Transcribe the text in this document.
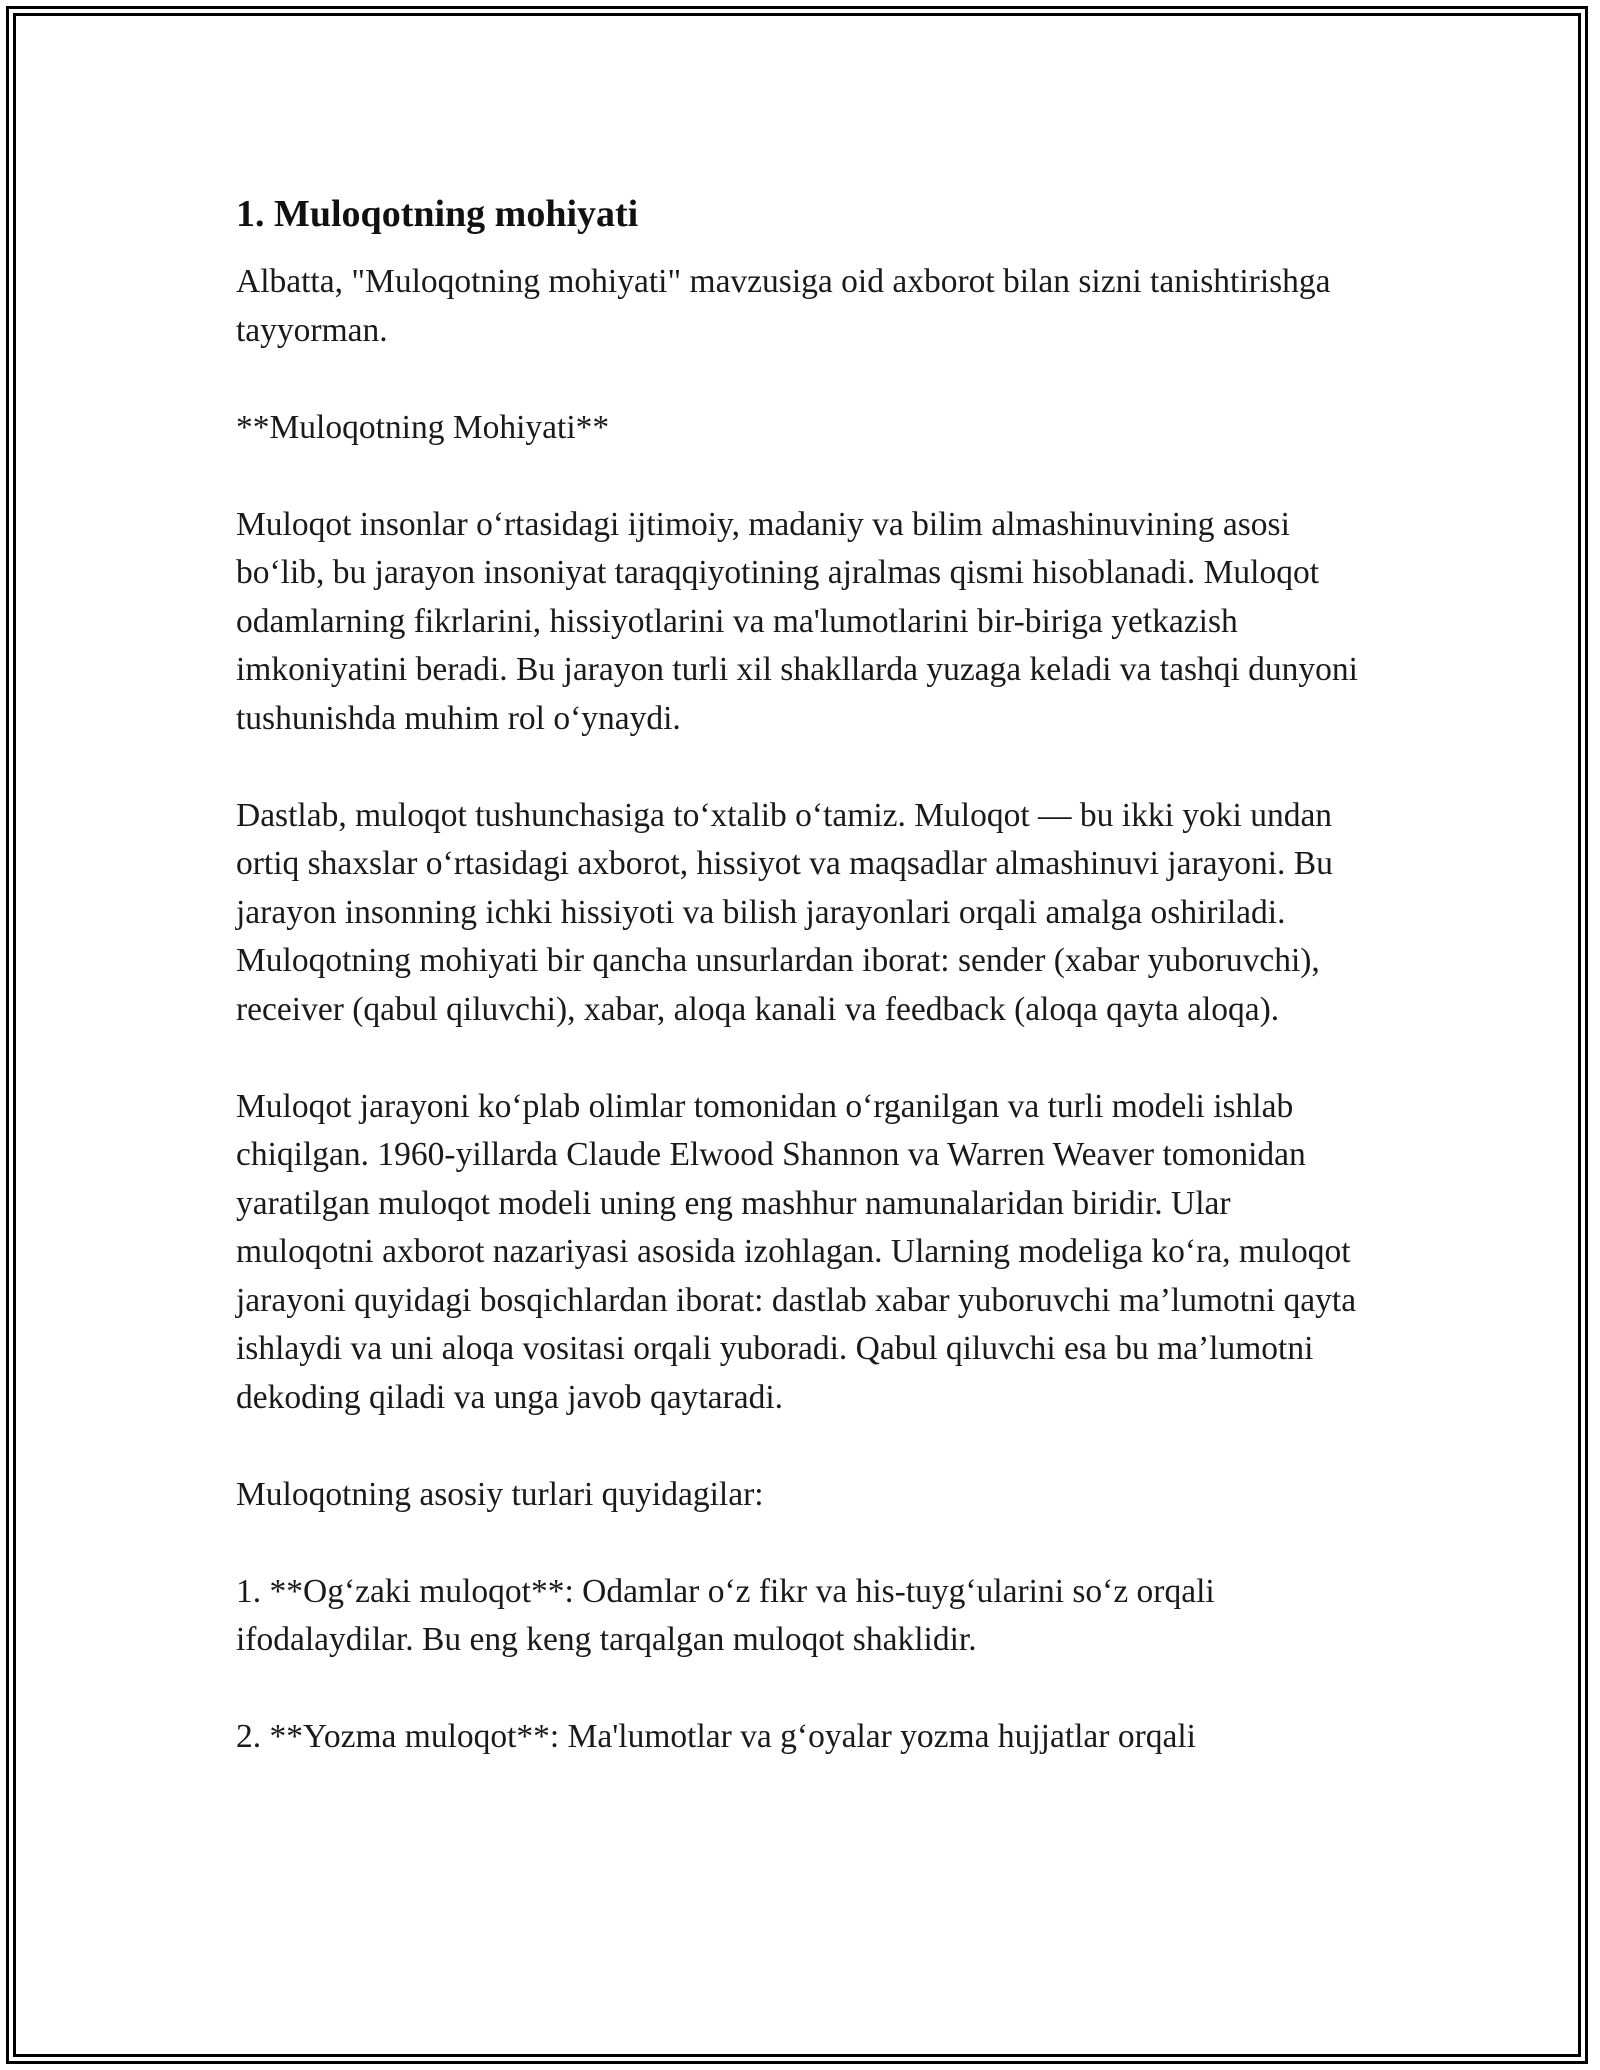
1. Muloqotning mohiyati

Albatta, "Muloqotning mohiyati" mavzusiga oid axborot bilan sizni tanishtirishga tayyorman.

**Muloqotning Mohiyati**

Muloqot insonlar oʻrtasidagi ijtimoiy, madaniy va bilim almashinuvining asosi boʻlib, bu jarayon insoniyat taraqqiyotining ajralmas qismi hisoblanadi. Muloqot odamlarning fikrlarini, hissiyotlarini va ma'lumotlarini bir-biriga yetkazish imkoniyatini beradi. Bu jarayon turli xil shakllarda yuzaga keladi va tashqi dunyoni tushunishda muhim rol oʻynaydi.

Dastlab, muloqot tushunchasiga toʻxtalib oʻtamiz. Muloqot — bu ikki yoki undan ortiq shaxslar oʻrtasidagi axborot, hissiyot va maqsadlar almashinuvi jarayoni. Bu jarayon insonning ichki hissiyoti va bilish jarayonlari orqali amalga oshiriladi. Muloqotning mohiyati bir qancha unsurlardan iborat: sender (xabar yuboruvchi), receiver (qabul qiluvchi), xabar, aloqa kanali va feedback (aloqa qayta aloqa).

Muloqot jarayoni koʻplab olimlar tomonidan oʻrganilgan va turli modeli ishlab chiqilgan. 1960-yillarda Claude Elwood Shannon va Warren Weaver tomonidan yaratilgan muloqot modeli uning eng mashhur namunalaridan biridir. Ular muloqotni axborot nazariyasi asosida izohlagan. Ularning modeliga koʻra, muloqot jarayoni quyidagi bosqichlardan iborat: dastlab xabar yuboruvchi ma’lumotni qayta ishlaydi va uni aloqa vositasi orqali yuboradi. Qabul qiluvchi esa bu ma’lumotni dekoding qiladi va unga javob qaytaradi.

Muloqotning asosiy turlari quyidagilar:

1. **Ogʻzaki muloqot**: Odamlar oʻz fikr va his-tuygʻularini soʻz orqali ifodalaydilar. Bu eng keng tarqalgan muloqot shaklidir.

2. **Yozma muloqot**: Ma'lumotlar va gʻoyalar yozma hujjatlar orqali
